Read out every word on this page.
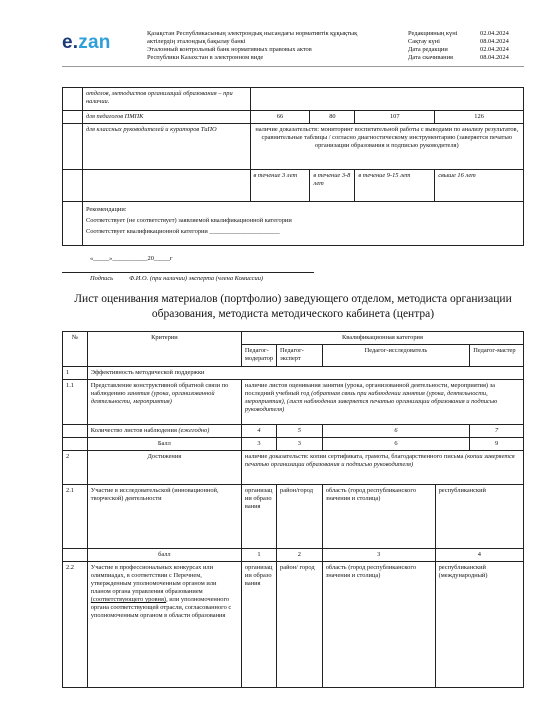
e.zan	Қазақстан Республикасының электрондық нысандағы нормативтік құқықтық
актілердің эталондық бақылау банкі
Эталонный контрольный банк нормативных правовых актов
Республики Казахстан в электронном виде
Редакцияның күні	02.04.2024
Сақтау күні	08.04.2024
Дата редакции	02.04.2024
Дата скачивания	08.04.2024
	отделов, методистов организаций образования – при наличии.				
	для педагогов ПМПК	66	80	107	126
	для классных руководителей и кураторов ТиПО	наличие доказательств: мониторинг воспитательной работы с выводами по анализу результатов, сравнительные таблицы / согласно диагностическому инструментарию (заверяется печатью организации образования и подписью руководителя)			
		в течение 3 лет	в течение 3-8 лет	в течение 9-15 лет	свыше 16 лет

	Рекомендации:
Соответствует (не соответствует) заявляемой квалификационной категории
Соответствует квалификационной категории ______________________				
«_____»___________20_____г
Подпись          Ф.И.О. (при наличии) эксперта (члена Комиссии)
Лист оценивания материалов (портфолио) заведующего отделом, методиста организации образования, методиста методического кабинета (центра)
№	Критерии	Квалификационная категория				
		Педагог-модератор	Педагог-эксперт	Педагог-исследователь		Педагог-мастер
1	Эффективность методической поддержки					
1.1	Представление конструктивной обратной связи по наблюдению занятия (урока, организованной деятельности, мероприятия)	наличие листов оценивания занятия (урока, организованной деятельности, мероприятия) за последний учебный год (обратная связь при наблюдении занятия (урока, деятельности, мероприятия), (лист наблюдения заверяется печатью организации образования и подписью руководителя)				
	Количество листов наблюдения (ежегодно)	4	5	6		7
	Балл	3	3	6		9
2	Достижения	наличие доказательств: копии сертификата, грамоты, благодарственного письма (копии заверяется печатью организации образования и подписью руководителя)				
2.1	Участие в исследовательской (инновационной, творческой) деятельности	организации образования	район/город	область (город республиканского значения и столица)	республиканский	
	балл	1	2	3	4	
2.2	Участие в профессиональных конкурсах или олимпиадах, в соответствии с Перечнем, утвержденным уполномоченным органом или планом органа управления образованием (соответствующего уровня), или уполномоченного органа соответствующей отрасли, согласованного с уполномоченным органом в области образования	организации образования	район/ город	область (город республиканского значения и столица)	республиканский (международный)	
